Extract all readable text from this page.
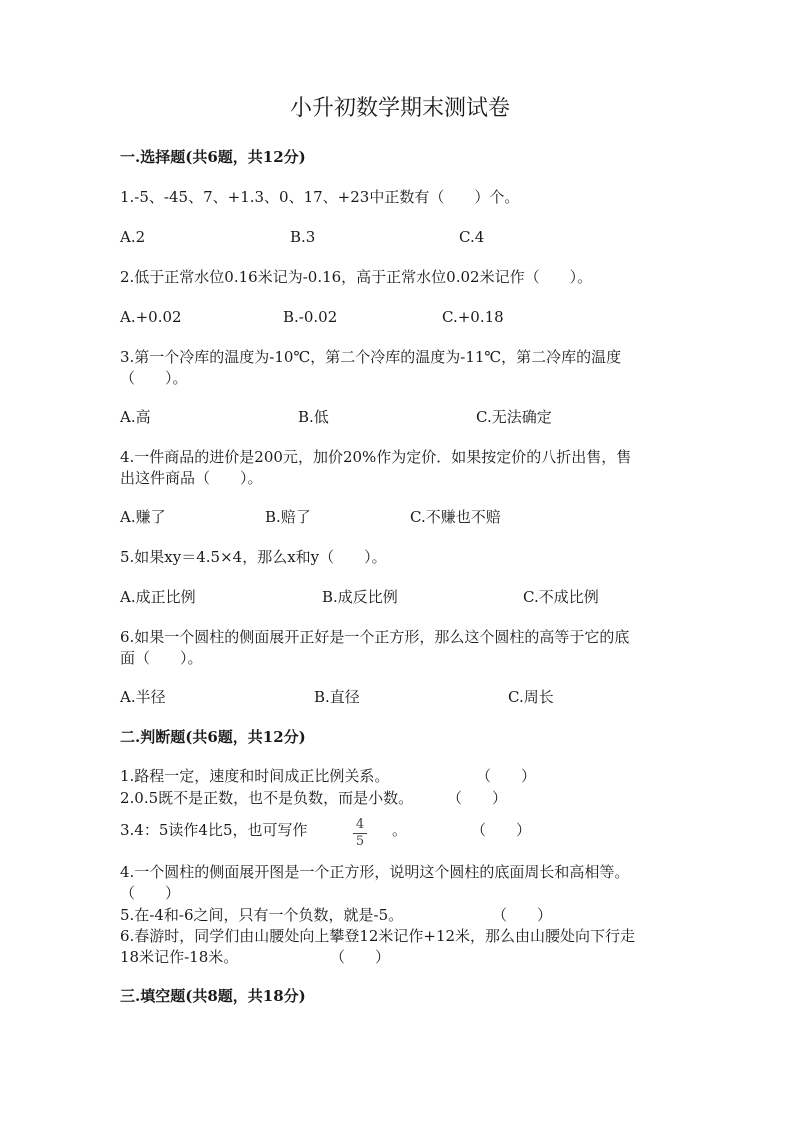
小升初数学期末测试卷
一.选择题(共6题，共12分)
1.-5、-45、7、+1.3、0、17、+23中正数有（　　）个。
A.2	B.3	C.4
2.低于正常水位0.16米记为-0.16，高于正常水位0.02米记作（　　）。
A.+0.02	B.-0.02	C.+0.18
3.第一个冷库的温度为-10℃，第二个冷库的温度为-11℃，第二冷库的温度
（　　）。
A.高	B.低	C.无法确定
4.一件商品的进价是200元，加价20%作为定价．如果按定价的八折出售，售
出这件商品（　　）。
A.赚了	B.赔了	C.不赚也不赔
5.如果xy＝4.5×4，那么x和y（　　）。
A.成正比例	B.成反比例	C.不成比例
6.如果一个圆柱的侧面展开正好是一个正方形，那么这个圆柱的高等于它的底
面（　　）。
A.半径	B.直径	C.周长
二.判断题(共6题，共12分)
1.路程一定，速度和时间成正比例关系。	（　　）
2.0.5既不是正数，也不是负数，而是小数。 （　　）
3.4：5读作4比5，也可写作	$\frac{4}{5}$ 。	（　　）
4.一个圆柱的侧面展开图是一个正方形，说明这个圆柱的底面周长和高相等。
（　　）
5.在-4和-6之间，只有一个负数，就是-5。	（　　）
6.春游时，同学们由山腰处向上攀登12米记作+12米，那么由山腰处向下行走
18米记作-18米。	（　　）
三.填空题(共8题，共18分)
